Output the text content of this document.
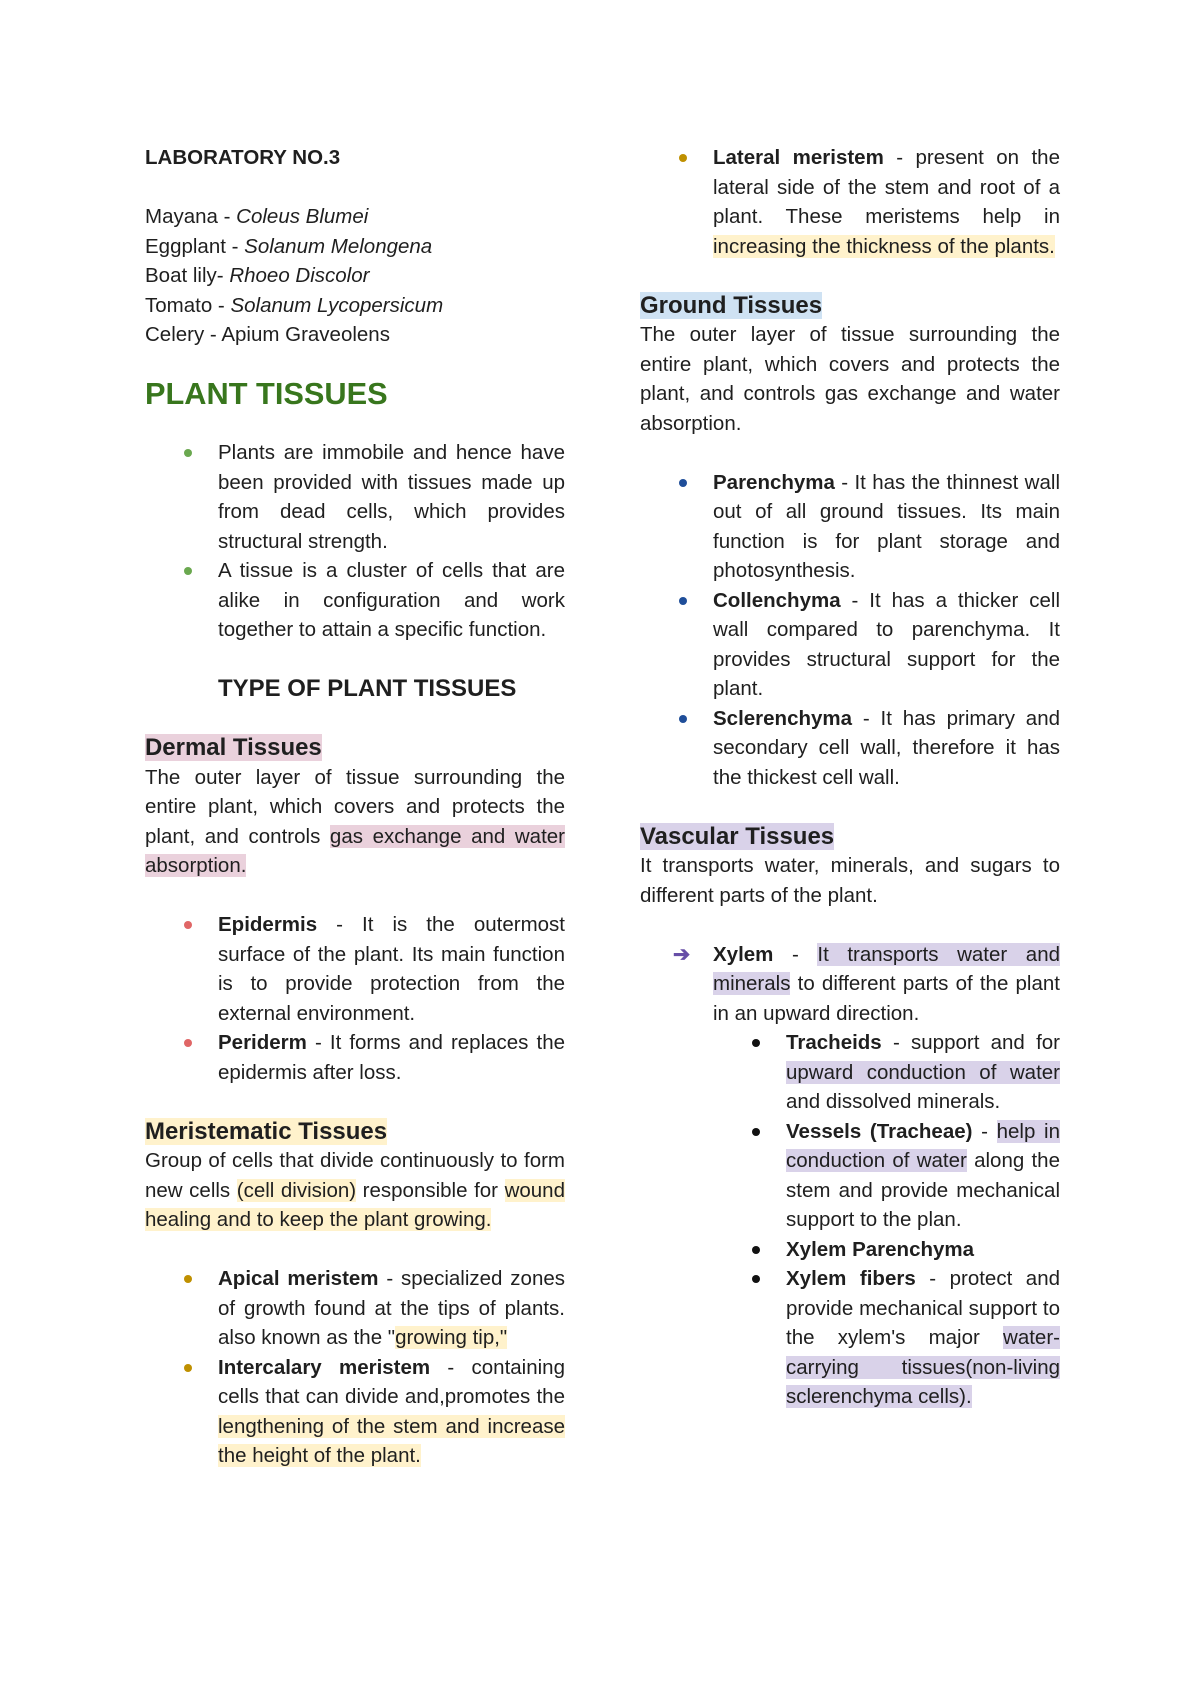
LABORATORY NO.3

Mayana - Coleus Blumei

Eggplant - Solanum Melongena

Boat lily- Rhoeo Discolor

Tomato - Solanum Lycopersicum

Celery - Apium Graveolens

PLANT TISSUES
Plants are immobile and hence have been provided with tissues made up from dead cells, which provides structural strength.
A tissue is a cluster of cells that are alike in configuration and work together to attain a specific function.
TYPE OF PLANT TISSUES
Dermal Tissues

The outer layer of tissue surrounding the entire plant, which covers and protects the plant, and controls gas exchange and water absorption.

Epidermis - It is the outermost surface of the plant. Its main function is to provide protection from the external environment.
Periderm - It forms and replaces the epidermis after loss.
Meristematic Tissues

Group of cells that divide continuously to form new cells (cell division) responsible for wound healing and to keep the plant growing.

Apical meristem - specialized zones of growth found at the tips of plants. also known as the "growing tip,"
Intercalary meristem - containing cells that can divide and,promotes the lengthening of the stem and increase the height of the plant.
Lateral meristem - present on the lateral side of the stem and root of a plant. These meristems help in increasing the thickness of the plants.
Ground Tissues

The outer layer of tissue surrounding the entire plant, which covers and protects the plant, and controls gas exchange and water absorption.

Parenchyma - It has the thinnest wall out of all ground tissues. Its main function is for plant storage and photosynthesis.
Collenchyma - It has a thicker cell wall compared to parenchyma. It provides structural support for the plant.
Sclerenchyma - It has primary and secondary cell wall, therefore it has the thickest cell wall.
Vascular Tissues

It transports water, minerals, and sugars to different parts of the plant.

➔ Xylem - It transports water and minerals to different parts of the plant in an upward direction.
Tracheids - support and for upward conduction of water and dissolved minerals.
Vessels (Tracheae) - help in conduction of water along the stem and provide mechanical support to the plan.
Xylem Parenchyma
Xylem fibers - protect and provide mechanical support to the xylem's major water-carrying tissues(non-living sclerenchyma cells).
